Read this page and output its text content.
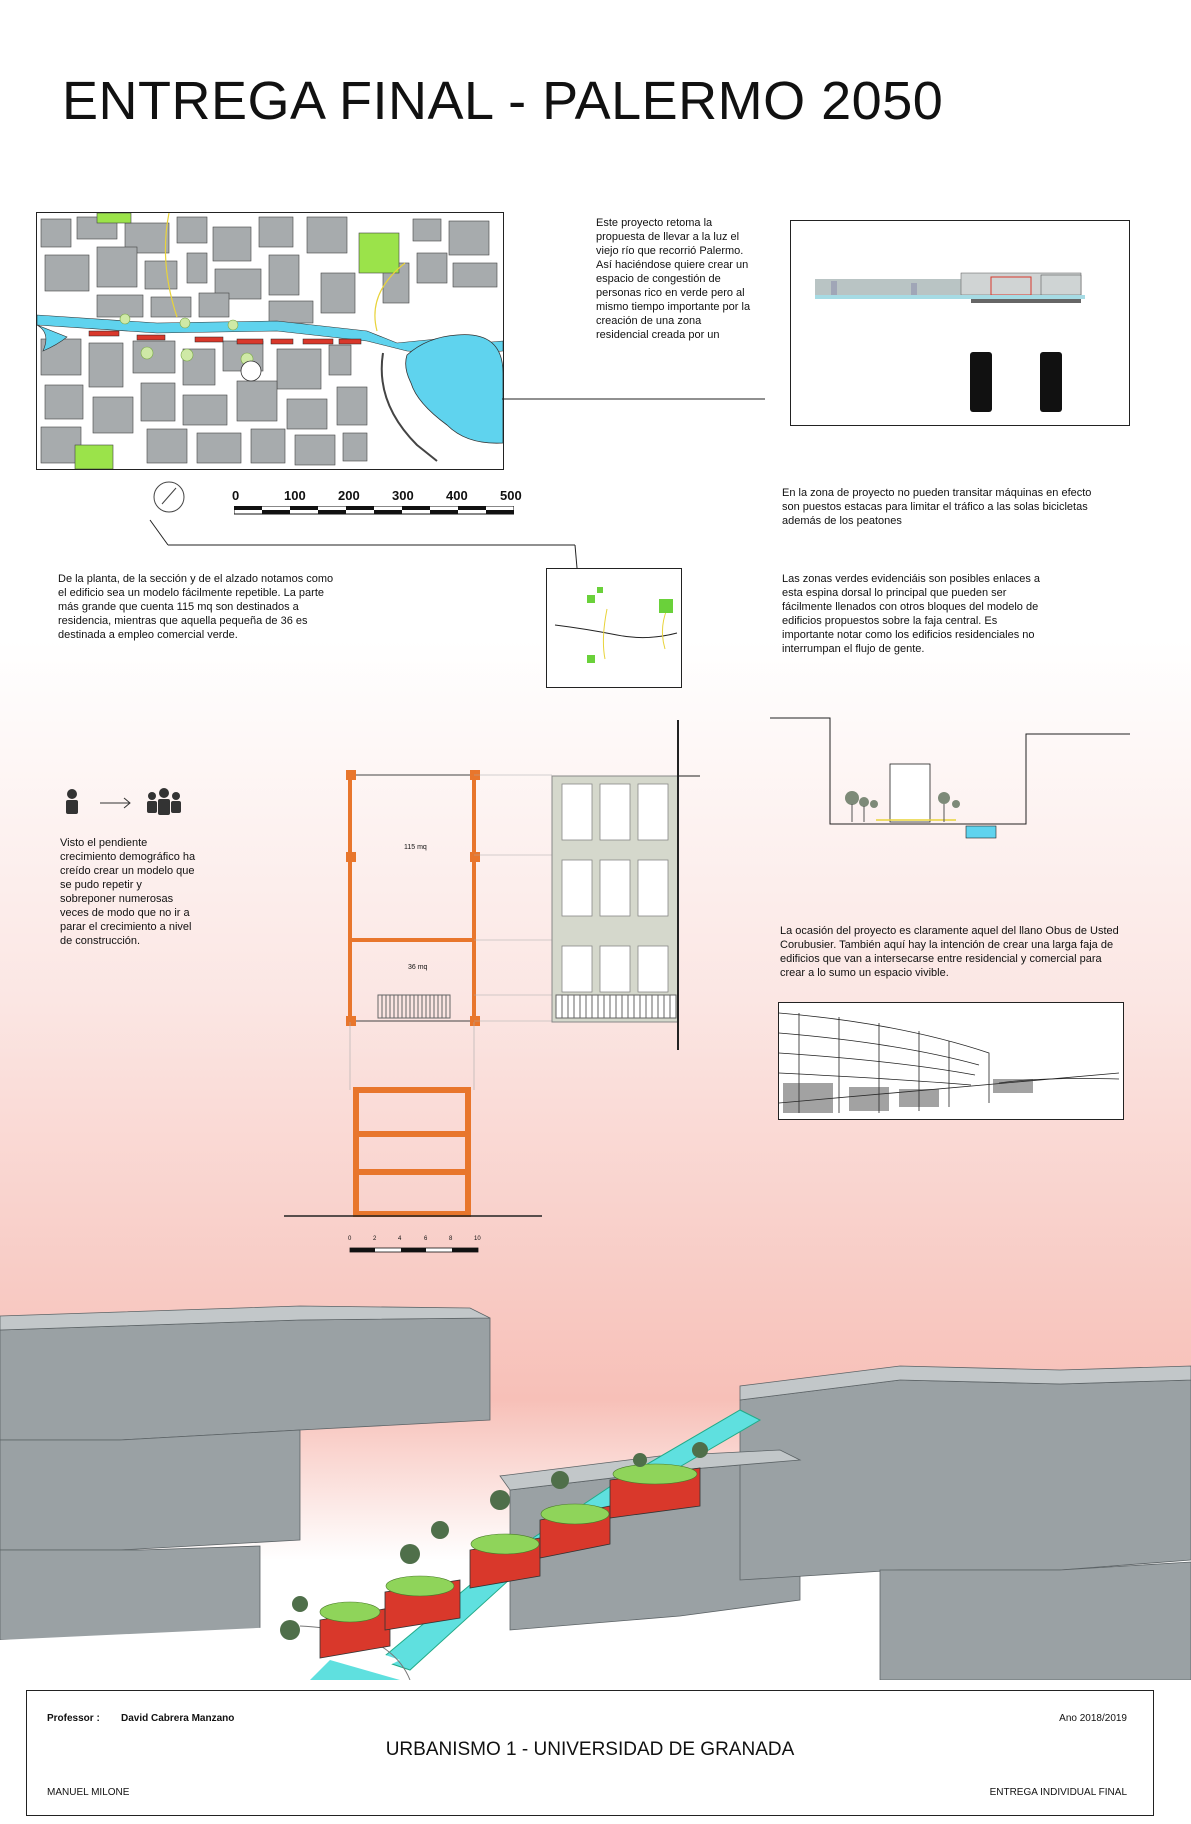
ENTREGA FINAL - PALERMO 2050
0	100 200 300 400 500
Este proyecto retoma la propuesta de llevar a la luz el viejo río que recorrió Palermo. Así haciéndose quiere crear un espacio de congestión de personas rico en verde pero al mismo tiempo importante por la creación de una zona residencial creada por un
En la zona de proyecto no pueden transitar máquinas en efecto son puestos estacas para limitar el tráfico a las solas bicicletas además de los peatones
De la planta, de la sección y de el alzado notamos como el edificio sea un modelo fácilmente repetible. La parte más grande que cuenta 115 mq son destinados a residencia, mientras que aquella pequeña de 36 es destinada a empleo comercial verde.
Las zonas verdes evidenciáis son posibles enlaces a esta espina dorsal lo principal que pueden ser fácilmente llenados con otros bloques del modelo de edificios propuestos sobre la faja central. Es importante notar como los edificios residenciales no interrumpan el flujo de gente.
Visto el pendiente crecimiento demográfico ha creído crear un modelo que se pudo repetir y sobreponer numerosas veces de modo que no ir a parar el crecimiento a nivel de construcción.
115 mq
36 mq
0	2	4	6	8	10
La ocasión del proyecto es claramente aquel del llano Obus de Usted Corubusier. También aquí hay la intención de crear una larga faja de edificios que van a intersecarse entre residencial y comercial para crear a lo sumo un espacio vivible.
Professor : David Cabrera Manzano	Ano 2018/2019
URBANISMO 1 - UNIVERSIDAD DE GRANADA
MANUEL MILONE	ENTREGA INDIVIDUAL FINAL
